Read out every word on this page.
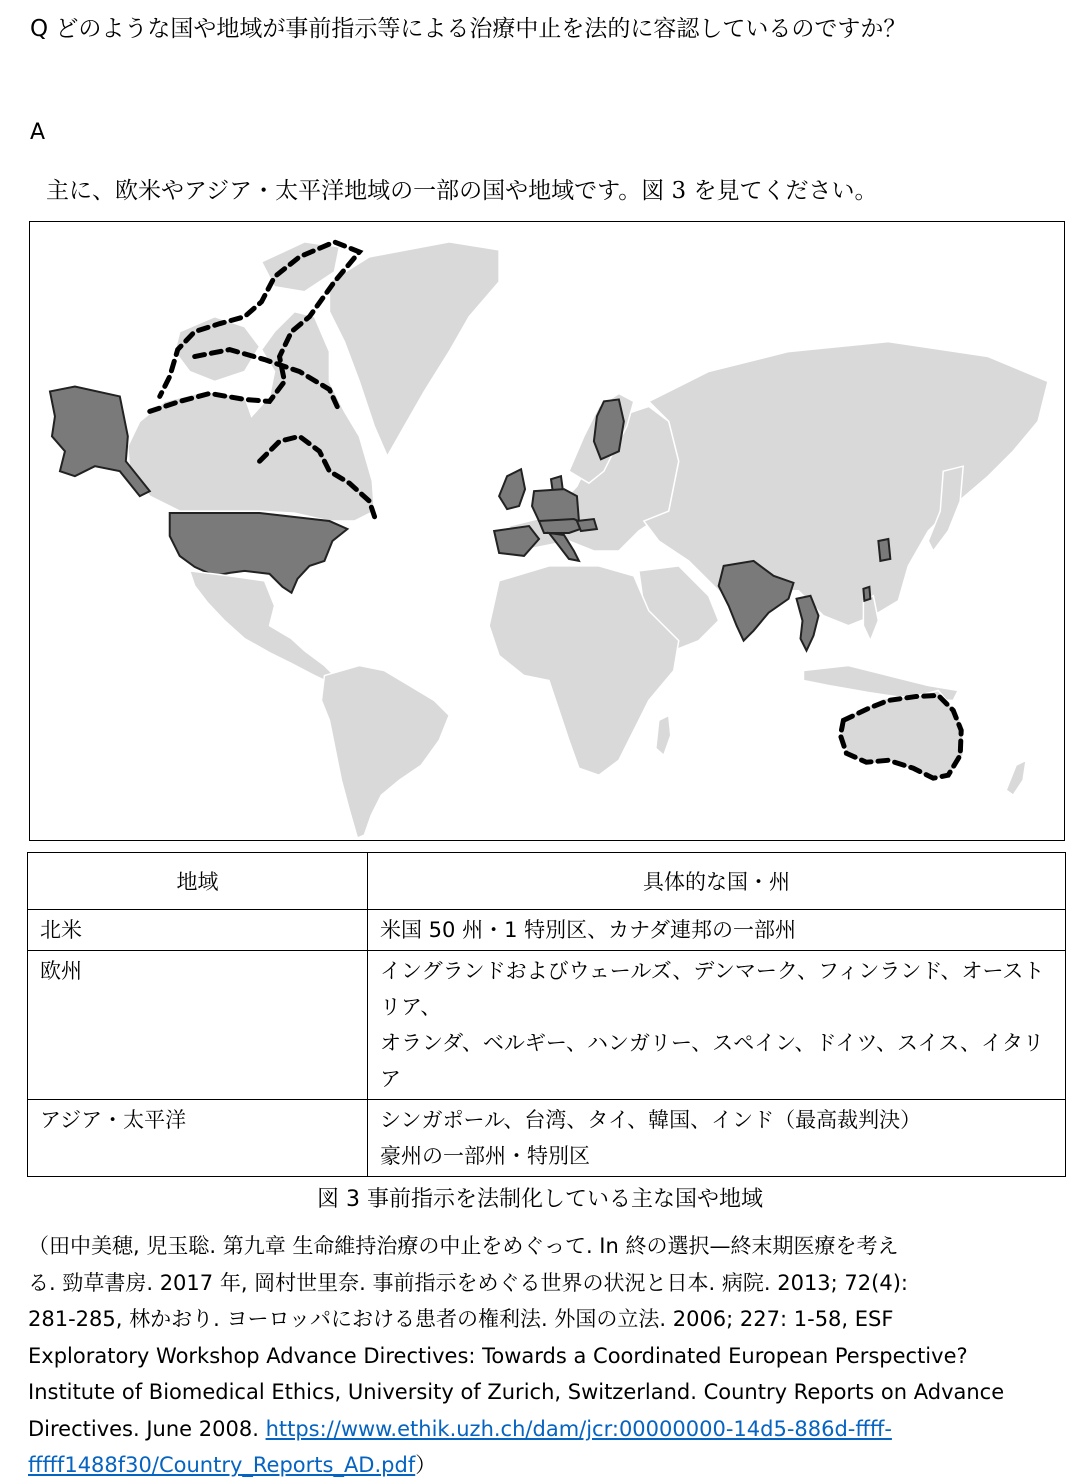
Q どのような国や地域が事前指示等による治療中止を法的に容認しているのですか？
A
主に、欧米やアジア・太平洋地域の一部の国や地域です。図 3 を見てください。
地域	具体的な国・州
北米	米国 50 州・1 特別区、カナダ連邦の一部州

欧州	イングランドおよびウェールズ、デンマーク、フィンランド、オースト
リア、
オランダ、ベルギー、ハンガリー、スペイン、ドイツ、スイス、イタリ
ア

アジア・太平洋	シンガポール、台湾、タイ、韓国、インド（最高裁判決）
豪州の一部州・特別区
図 3 事前指示を法制化している主な国や地域
（田中美穂, 児玉聡. 第九章 生命維持治療の中止をめぐって. In 終の選択—終末期医療を考え
る. 勁草書房. 2017 年, 岡村世里奈. 事前指示をめぐる世界の状況と日本. 病院. 2013; 72(4):
281-285, 林かおり. ヨーロッパにおける患者の権利法. 外国の立法. 2006; 227: 1-58, ESF
Exploratory Workshop Advance Directives: Towards a Coordinated European Perspective?
Institute of Biomedical Ethics, University of Zurich, Switzerland. Country Reports on Advance
Directives. June 2008. https://www.ethik.uzh.ch/dam/jcr:00000000-14d5-886d-ffff-
fffff1488f30/Country_Reports_AD.pdf）
